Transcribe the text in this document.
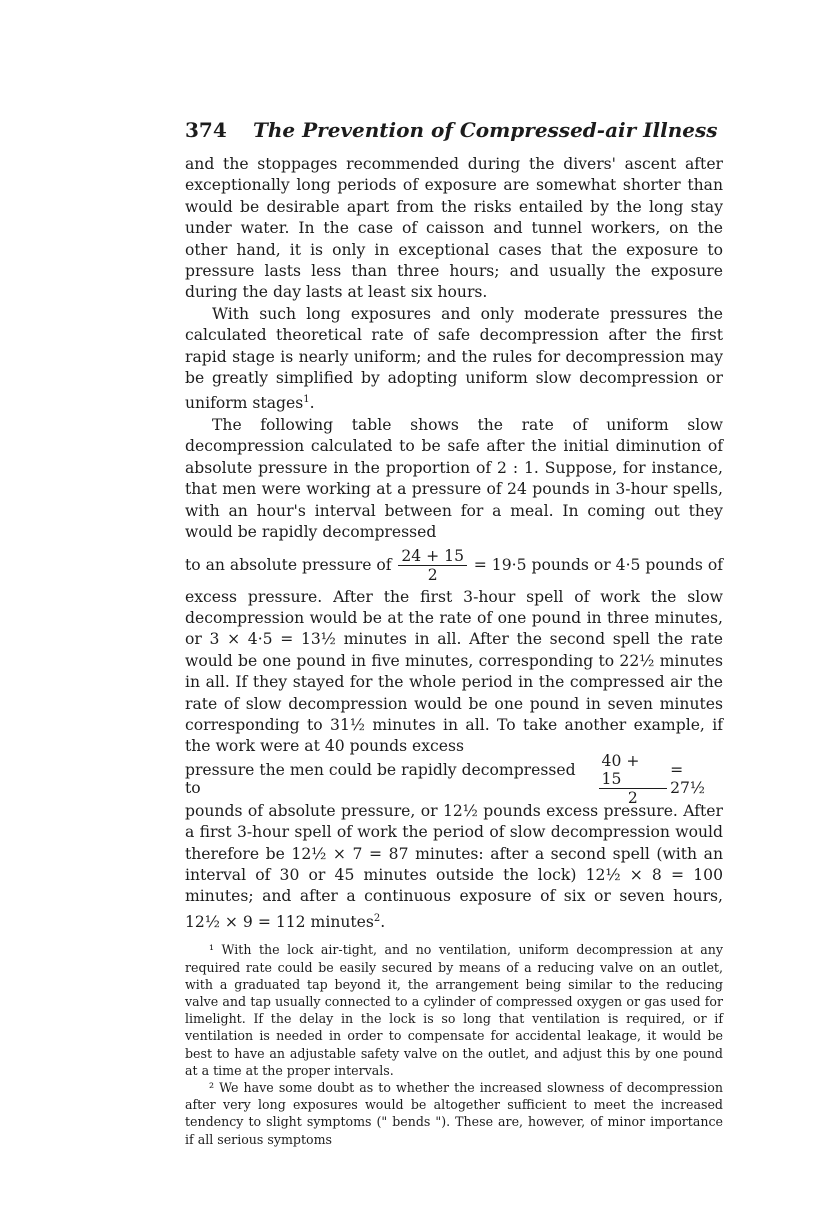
374	The Prevention of Compressed-air Illness

and the stoppages recommended during the divers' ascent after exceptionally long periods of exposure are somewhat shorter than would be desirable apart from the risks entailed by the long stay under water. In the case of caisson and tunnel workers, on the other hand, it is only in exceptional cases that the exposure to pressure lasts less than three hours; and usually the exposure during the day lasts at least six hours.

With such long exposures and only moderate pressures the calculated theoretical rate of safe decompression after the first rapid stage is nearly uniform; and the rules for decompression may be greatly simplified by adopting uniform slow decompression or uniform stages$^1$.

The following table shows the rate of uniform slow decompression calculated to be safe after the initial diminution of absolute pressure in the proportion of 2 : 1. Suppose, for instance, that men were working at a pressure of 24 pounds in 3-hour spells, with an hour's interval between for a meal. In coming out they would be rapidly decompressed

to an absolute pressure of $\frac{24 + 15}{2} = 19\cdot 5$ pounds or 4·5 pounds of

excess pressure. After the first 3-hour spell of work the slow decompression would be at the rate of one pound in three minutes, or 3 × 4·5 = 13½ minutes in all. After the second spell the rate would be one pound in five minutes, corresponding to 22½ minutes in all. If they stayed for the whole period in the compressed air the rate of slow decompression would be one pound in seven minutes corresponding to 31½ minutes in all. To take another example, if the work were at 40 pounds excess

pressure the men could be rapidly decompressed to	$\frac{40 + 15}{2}$ = 27½

pounds of absolute pressure, or 12½ pounds excess pressure. After a first 3-hour spell of work the period of slow decompression would therefore be 12½ × 7 = 87 minutes: after a second spell (with an interval of 30 or 45 minutes outside the lock) 12½ × 8 = 100 minutes; and after a continuous exposure of six or seven hours, 12½ × 9 = 112 minutes$^2$.

¹ With the lock air-tight, and no ventilation, uniform decompression at any required rate could be easily secured by means of a reducing valve on an outlet, with a graduated tap beyond it, the arrangement being similar to the reducing valve and tap usually connected to a cylinder of compressed oxygen or gas used for limelight. If the delay in the lock is so long that ventilation is required, or if ventilation is needed in order to compensate for accidental leakage, it would be best to have an adjustable safety valve on the outlet, and adjust this by one pound at a time at the proper intervals.

² We have some doubt as to whether the increased slowness of decompression after very long exposures would be altogether sufficient to meet the increased tendency to slight symptoms (" bends "). These are, however, of minor importance if all serious symptoms
